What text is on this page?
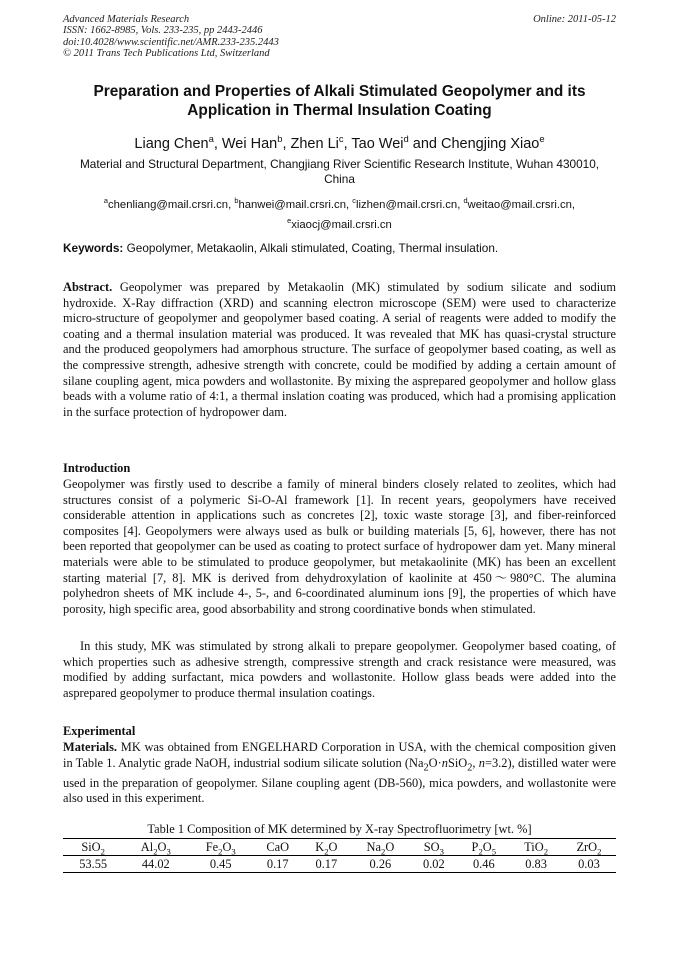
Advanced Materials Research
ISSN: 1662-8985, Vols. 233-235, pp 2443-2446
doi:10.4028/www.scientific.net/AMR.233-235.2443
© 2011 Trans Tech Publications Ltd, Switzerland
Online: 2011-05-12
Preparation and Properties of Alkali Stimulated Geopolymer and its
Application in Thermal Insulation Coating
Liang Chen$^a$, Wei Han$^b$, Zhen Li$^c$, Tao Wei$^d$ and Chengjing Xiao$^e$
Material and Structural Department, Changjiang River Scientific Research Institute, Wuhan 430010, China
$^a$chenliang@mail.crsri.cn, $^b$hanwei@mail.crsri.cn, $^c$lizhen@mail.crsri.cn, $^d$weitao@mail.crsri.cn,
$^e$xiaocj@mail.crsri.cn
Keywords: Geopolymer, Metakaolin, Alkali stimulated, Coating, Thermal insulation.
Abstract. Geopolymer was prepared by Metakaolin (MK) stimulated by sodium silicate and sodium hydroxide. X-Ray diffraction (XRD) and scanning electron microscope (SEM) were used to characterize micro-structure of geopolymer and geopolymer based coating. A serial of reagents were added to modify the coating and a thermal insulation material was produced. It was revealed that MK has quasi-crystal structure and the produced geopolymers had amorphous structure. The surface of geopolymer based coating, as well as the compressive strength, adhesive strength with concrete, could be modified by adding a certain amount of silane coupling agent, mica powders and wollastonite. By mixing the asprepared geopolymer and hollow glass beads with a volume ratio of 4:1, a thermal inslation coating was produced, which had a promising application in the surface protection of hydropower dam.
Introduction
Geopolymer was firstly used to describe a family of mineral binders closely related to zeolites, which had structures consist of a polymeric Si-O-Al framework [1]. In recent years, geopolymers have received considerable attention in applications such as concretes [2], toxic waste storage [3], and fiber-reinforced composites [4]. Geopolymers were always used as bulk or building materials [5, 6], however, there has not been reported that geopolymer can be used as coating to protect surface of hydropower dam yet. Many mineral materials were able to be stimulated to produce geopolymer, but metakaolinite (MK) has been an excellent starting material [7, 8]. MK is derived from dehydroxylation of kaolinite at 450～980°C. The alumina polyhedron sheets of MK include 4-, 5-, and 6-coordinated aluminum ions [9], the properties of which have porosity, high specific area, good absorbability and strong coordinative bonds when stimulated.
In this study, MK was stimulated by strong alkali to prepare geopolymer. Geopolymer based coating, of which properties such as adhesive strength, compressive strength and crack resistance were measured, was modified by adding surfactant, mica powders and wollastonite. Hollow glass beads were added into the asprepared geopolymer to produce thermal insulation coatings.
Experimental
Materials. MK was obtained from ENGELHARD Corporation in USA, with the chemical composition given in Table 1. Analytic grade NaOH, industrial sodium silicate solution ($Na_2O\cdot nSiO_2$, n=3.2), distilled water were used in the preparation of geopolymer. Silane coupling agent (DB-560), mica powders, and wollastonite were also used in this experiment.
Table 1 Composition of MK determined by X-ray Spectrofluorimetry [wt. %]
SiO$_2$	$Al_2O_3$	$Fe_2O_3$	CaO	$K_2O$	$Na_2O$	$SO_3$	$P_2O_5$	TiO$_2$	ZrO$_2$
53.55	44.02	0.45	0.17	0.17	0.26	0.02	0.46	0.83	0.03
